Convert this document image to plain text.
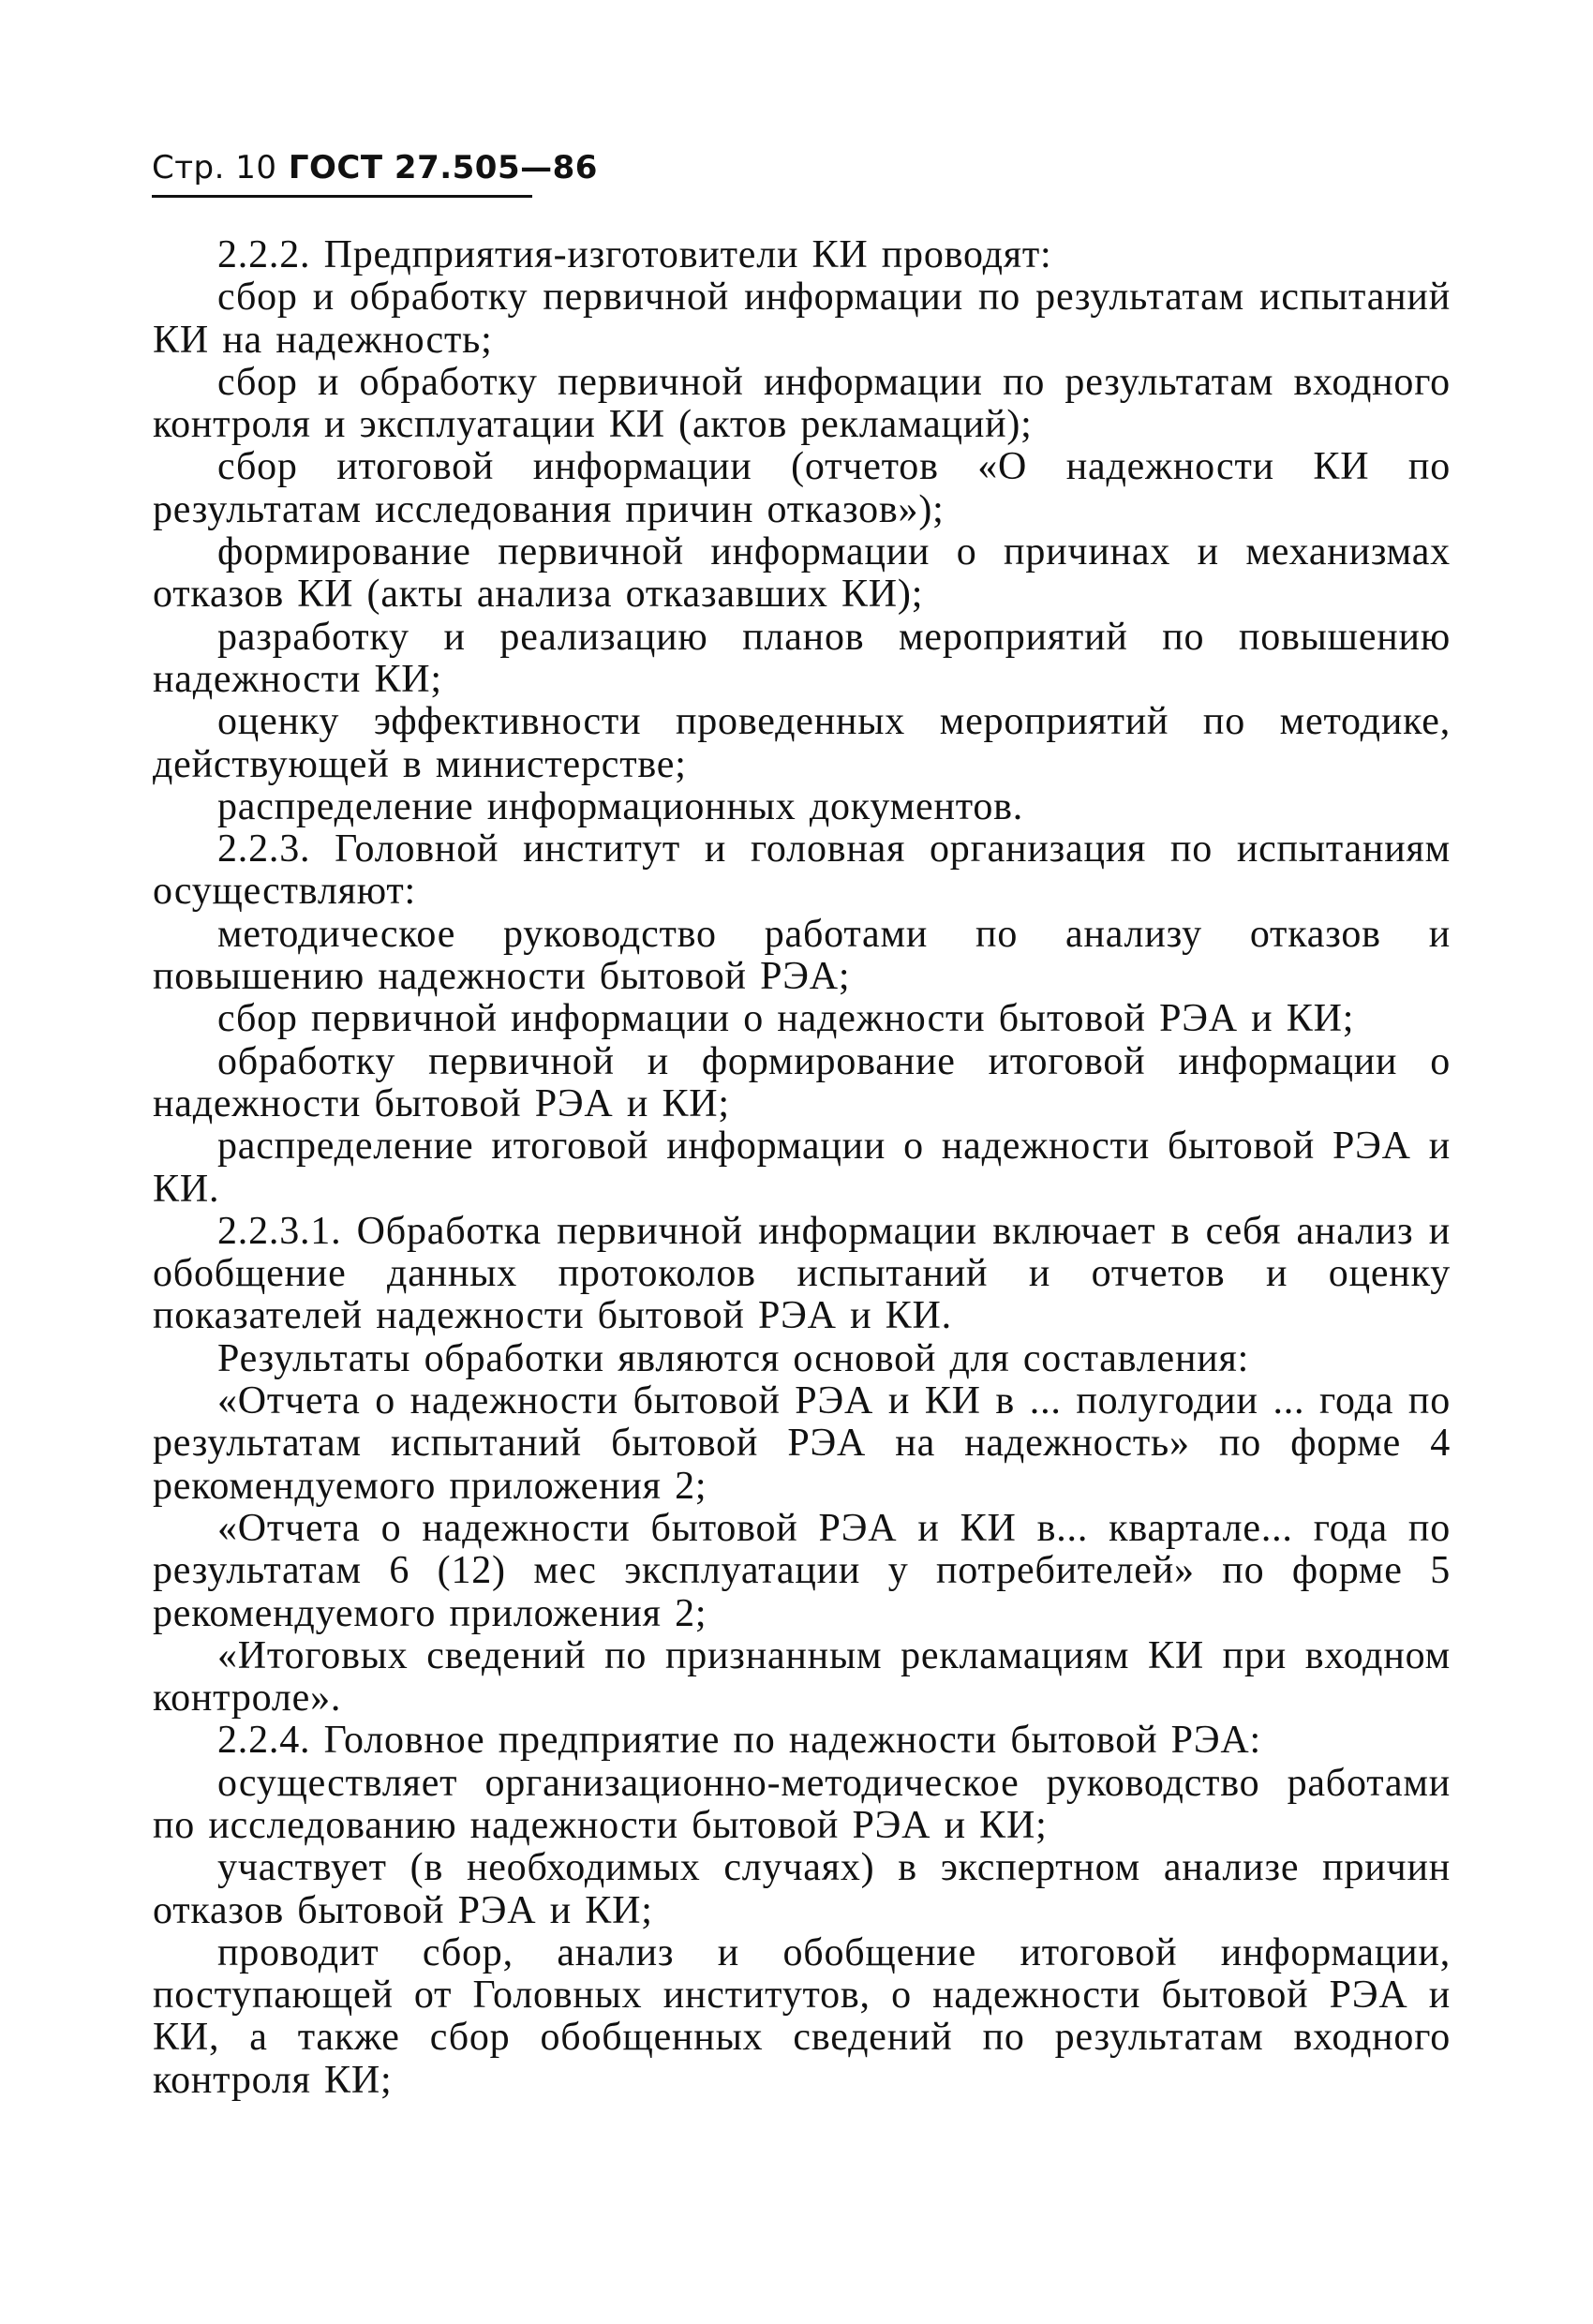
Стр. 10 ГОСТ 27.505—86

2.2.2. Предприятия-изготовители КИ проводят:

сбор и обработку первичной информации по результатам испытаний КИ на надежность;

сбор и обработку первичной информации по результатам входного контроля и эксплуатации КИ (актов рекламаций);

сбор итоговой информации (отчетов «О надежности КИ по результатам исследования причин отказов»);

формирование первичной информации о причинах и механизмах отказов КИ (акты анализа отказавших КИ);

разработку и реализацию планов мероприятий по повышению надежности КИ;

оценку эффективности проведенных мероприятий по методике, действующей в министерстве;

распределение информационных документов.

2.2.3. Головной институт и головная организация по испытаниям осуществляют:

методическое руководство работами по анализу отказов и повышению надежности бытовой РЭА;

сбор первичной информации о надежности бытовой РЭА и КИ;

обработку первичной и формирование итоговой информации о надежности бытовой РЭА и КИ;

распределение итоговой информации о надежности бытовой РЭА и КИ.

2.2.3.1. Обработка первичной информации включает в себя анализ и обобщение данных протоколов испытаний и отчетов и оценку показателей надежности бытовой РЭА и КИ.

Результаты обработки являются основой для составления:

«Отчета о надежности бытовой РЭА и КИ в ... полугодии ... года по результатам испытаний бытовой РЭА на надежность» по форме 4 рекомендуемого приложения 2;

«Отчета о надежности бытовой РЭА и КИ в... квартале... года по результатам 6 (12) мес эксплуатации у потребителей» по форме 5 рекомендуемого приложения 2;

«Итоговых сведений по признанным рекламациям КИ при входном контроле».

2.2.4. Головное предприятие по надежности бытовой РЭА:

осуществляет организационно-методическое руководство работами по исследованию надежности бытовой РЭА и КИ;

участвует (в необходимых случаях) в экспертном анализе причин отказов бытовой РЭА и КИ;

проводит сбор, анализ и обобщение итоговой информации, поступающей от Головных институтов, о надежности бытовой РЭА и КИ, а также сбор обобщенных сведений по результатам входного контроля КИ;
